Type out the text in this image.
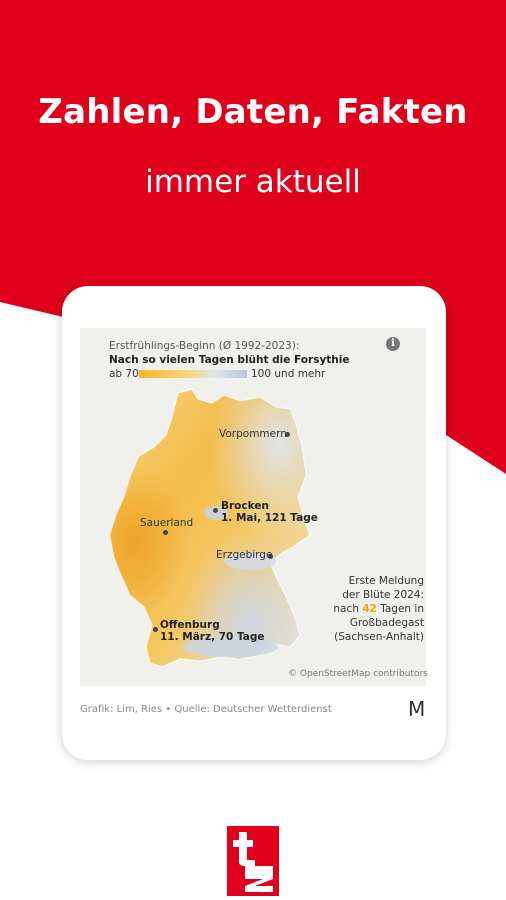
Zahlen, Daten, Fakten

immer aktuell

Erstfrühlings-Beginn (Ø 1992-2023):
Nach so vielen Tagen blüht die Forsythie
ab 70	100 und mehr
i
Vorpommern
Brocken
1. Mai, 121 Tage
Sauerland
Erzgebirge
Offenburg
11. März, 70 Tage
Erste Meldung
der Blüte 2024:
nach 42 Tagen in
Großbadegast
(Sachsen-Anhalt)
© OpenStreetMap contributors
Grafik: Lim, Ries • Quelle: Deutscher Wetterdienst	M
